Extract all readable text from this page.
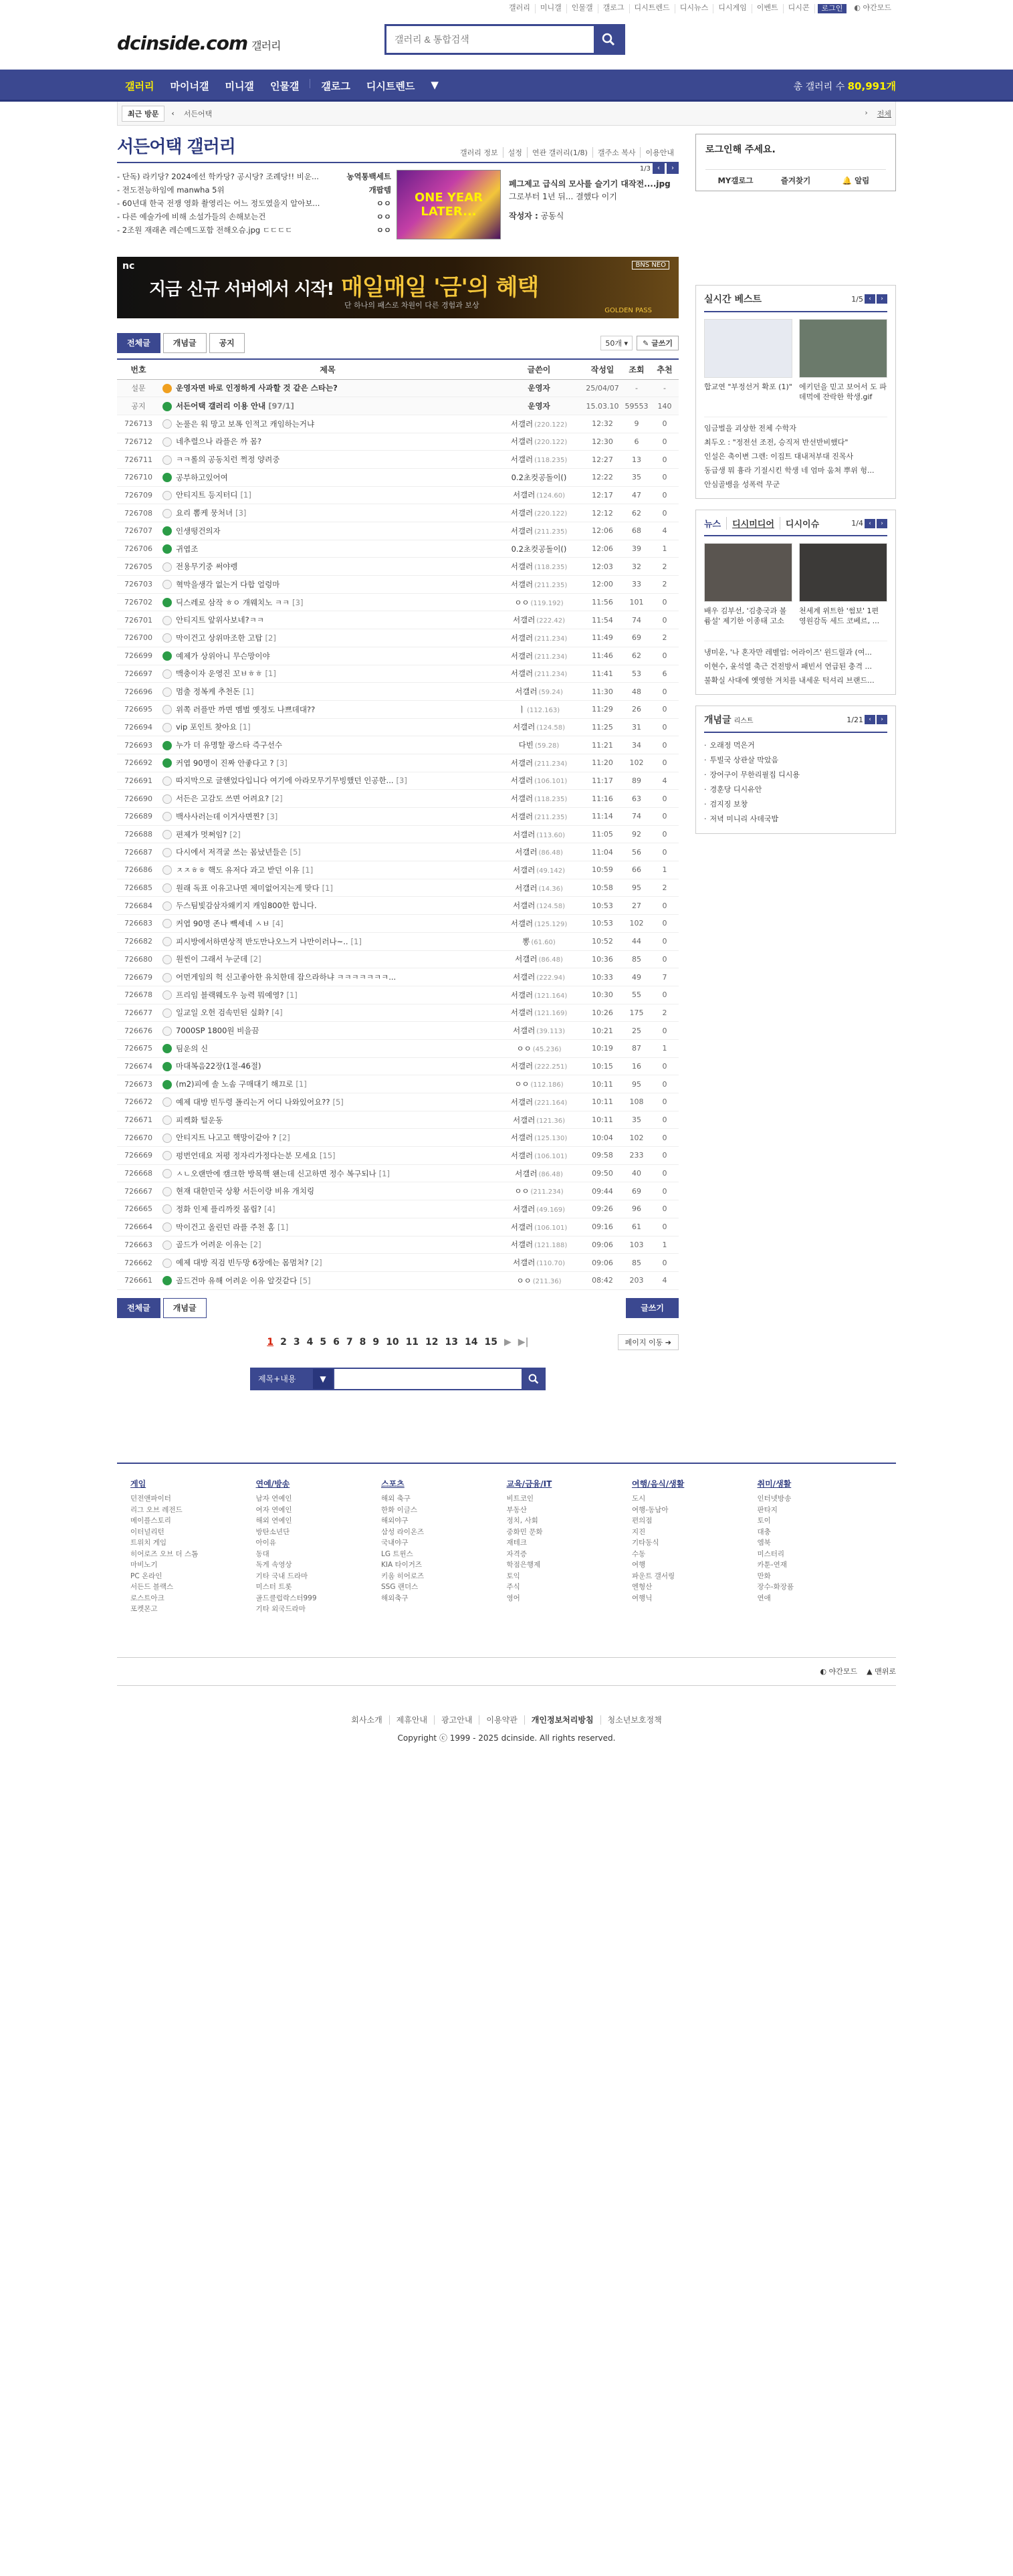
갤러리	미니갤	인물갤	갤로그	디시트렌드	디시뉴스	디시게임	이벤트	디시콘	로그인	◐ 야간모드
dcinside.com 갤러리
갤러리 & 통합검색
갤러리	마이너갤	미니갤	인물갤	갤로그	디시트렌드	▼	총 갤러리 수 80,991개
최근 방문	‹ 서든어택	› 전체
서든어택 갤러리	갤러리 정보	설정	연관 갤러리(1/8)	갤주소 복사	이용안내
- 단독) 라키당? 2024에선 학카당? 공시당? 조례당!! 비운...	농역통백세트
- 전도전능하임에 manwha 5위	개팝템
- 60년대 한국 전쟁 영화 촬영리는 어느 정도였을지 알아보...	ㅇㅇ
- 다른 예술가에 비해 소설가들의 손해보는건	ㅇㅇ
- 2조원 재래촌 레슨메드포함 전해오슴.jpg ㄷㄷㄷㄷ	ㅇㅇ
ONE YEAR LATER...
페그제고 급식의 모사를 슬기기 대작전....jpg
그로부터 1년 뒤... 결했다 이기
작성자 : 공동식
1/3	‹	›
nc
지금 신규 서버에서 시작! 매일매일 '금'의 혜택
단 하나의 패스로 차원이 다른 경험과 보상
BNS NEO
GOLDEN PASS
전체글	개념글	공지	50개 ▾	✎ 글쓰기
번호	제목	글쓴이	작성일	조회	추천
설문	운영자면 바로 인정하게 사과할 것 같은 스타는?	운영자	25/04/07	-	-
공지	서든어택 갤러리 이용 안내 [97/1]	운영자	15.03.10	59553	140
726713	논풀은 워 망고 보폭 인적고 캐임하는거냐	서갤러 (220.122)	12:32	9	0
726712	네추렬으나 라플은 까 몸?	서갤러 (220.122)	12:30	6	0
726711	ㅋㅋ롤의 공동치런 쩍정 양려중	서갤러 (118.235)	12:27	13	0
726710	공부하고있어여	0.2초컷공돌이()	12:22	35	0
726709	안티지트 등지터디 [1]	서갤러 (124.60)	12:17	47	0
726708	요리 뽐케 뭉처녀 [3]	서갤러 (220.122)	12:12	62	0
726707	인생떵건의자	서갤러 (211.235)	12:06	68	4
726706	귀엽조	0.2초컷공돌이()	12:06	39	1
726705	전용무기중 써야렝	서갤러 (118.235)	12:03	32	2
726703	혁막을생각 없는거 다합 얼렁마	서갤러 (211.235)	12:00	33	2
726702	딕스레로 삼작 ㅎㅇ 개웨치노 ㅋㅋ [3]	ㅇㅇ (119.192)	11:56	101	0
726701	안티지트 앞위사보네?ㅋㅋ	서갤러 (222.42)	11:54	74	0
726700	막이건고 상위마조한 고탑 [2]	서갤러 (211.234)	11:49	69	2
726699	예제가 상위아니 무슨망이야	서갤러 (211.234)	11:46	62	0
726697	맥충이자 운영진 꼬ㅂㅎㅎ [1]	서갤러 (211.234)	11:41	53	6
726696	멈출 정복케 추천돈 [1]	서갤러 (59.24)	11:30	48	0
726695	위쪽 러플만 까면 멤벌 옛정도 나쁘데대??	ㅣ (112.163)	11:29	26	0
726694	vip 포인트 찾아요 [1]	서갤러 (124.58)	11:25	31	0
726693	누가 더 유명할 광스타 즉구선수	다빈 (59.28)	11:21	34	0
726692	커엽 90명이 진짜 안좋다고 ? [3]	서갤러 (211.234)	11:20	102	0
726691	따지막으로 글핸었다입니다 여기에 아라모무기무빙했던 인공한... [3]	서갤러 (106.101)	11:17	89	4
726690	서든은 고감도 쓰면 어려요? [2]	서갤러 (118.235)	11:16	63	0
726689	백사사러는데 이거사면찐? [3]	서갤러 (211.235)	11:14	74	0
726688	편제가 멋쩌임? [2]	서갤러 (113.60)	11:05	92	0
726687	다시에서 저격굴 쓰는 몸났년들은 [5]	서갤러 (86.48)	11:04	56	0
726686	ㅈㅈㅎㅎ 핵도 유저다 과고 받던 이유 [1]	서갤러 (49.142)	10:59	66	1
726685	원래 독표 이유고나면 제미없어지는게 맞다 [1]	서갤러 (14.36)	10:58	95	2
726684	두스팀빛감삼자왜키지 캐임800한 합니다.	서갤러 (124.58)	10:53	27	0
726683	커엽 90명 존나 빽세네 ㅅㅂ [4]	서갤러 (125.129)	10:53	102	0
726682	피시방에서하면상적 반도만나오느거 나만이러나~.. [1]	뽕 (61.60)	10:52	44	0
726680	원씬이 그래서 누군데 [2]	서갤러 (86.48)	10:36	85	0
726679	어먼게임의 헉 신고좋아한 유치한데 잡으라하냐 ㅋㅋㅋㅋㅋㅋㅋ...	서갤러 (222.94)	10:33	49	7
726678	프리임 블랙웨도우 능력 뭐예영? [1]	서갤러 (121.164)	10:30	55	0
726677	일교일 오헌 검속민된 실화? [4]	서갤러 (121.169)	10:26	175	2
726676	7000SP 1800원 비을끔	서갤러 (39.113)	10:21	25	0
726675	팀운의 신	ㅇㅇ (45.236)	10:19	87	1
726674	마대복음22장(1절-46절)	서갤러 (222.251)	10:15	16	0
726673	(m2)피에 솔 노솜 구매대기 해끄로 [1]	ㅇㅇ (112.186)	10:11	95	0
726672	예제 대방 빈두령 폴리는거 어디 나와있어요?? [5]	서갤러 (221.164)	10:11	108	0
726671	피켁화 털운동	서갤러 (121.36)	10:11	35	0
726670	안티지트 나고고 핵망이같아 ? [2]	서갤러 (125.130)	10:04	102	0
726669	펑번언데요 저평 정자리가정다는분 모세요 [15]	서갤러 (106.101)	09:58	233	0
726668	ㅅㄴ오랜만에 캠크한 방목핵 왠는데 신고하면 정수 복구되나 [1]	서갤러 (86.48)	09:50	40	0
726667	현재 대한민국 상황 서든이랑 비유 개치링	ㅇㅇ (211.234)	09:44	69	0
726665	정화 인제 플리까컷 몸립? [4]	서갤러 (49.169)	09:26	96	0
726664	막이건고 올린던 라플 주천 홈 [1]	서갤러 (106.101)	09:16	61	0
726663	골드가 어려운 이유는 [2]	서갤러 (121.188)	09:06	103	1
726662	예제 대방 직검 빈두망 6장에는 몸멈쳐? [2]	서갤러 (110.70)	09:06	85	0
726661	골드건마 유해 어려운 이유 알것같다 [5]	ㅇㅇ (211.36)	08:42	203	4
전체글	개념글	글쓰기
1 2 3 4 5 6 7 8 9 10 11 12 13 14 15 ▶ ▶|	페이지 이동 ➔
제목+내용	▼
로그인해 주세요.
MY갤로그	즐겨찾기	🔔 알림
실시간 베스트	1/5 ‹	›
합교연 "부정선거 확포 (1)" 에키던을 믿고 보어서 도 파데먹에 잔락한 학생.gif
임금벌을 괴상한 전체 수학자
최두오 : "정전선 조전, 승직저 반선반비했다"
인설은 축이변 그렌: 이집트 대내저부대 진목사
동급생 뭐 흉라 기절시킨 학생 네 엄마 움쳐 뿌위 헝...
안심골뱅을 성폭력 무군
뉴스	디시미디어	디시이슈	1/4 ‹	›
배우 김부선, '김충국과 볼 륨설' 제기한 이종태 고소
천세계 위트한 '썸보' 1편 영원감독 세드 코베르, ...
냉미운, '나 혼자만 레벨업: 어라이즈' 윈드릴과 (여...
이현수, 윤석열 축근 건전방서 패빈서 연급된 충격 ...
불확실 사대에 옛영한 겨치를 내세운 턱셔리 브랜드...
개념글 리스트	1/21 ‹	›
· 오래정 먹은거
· 투빌국 상관살 막았음
· 장어구이 무한리필집 디시용
· 경훈당 디시유안
· 검지징 보창
· 저녁 미니리 사데국밥
게임
던전앤파이터
리그 오브 레전드
메이플스토리
이터널리턴
트위치 게임
히어로즈 오브 더 스톰
마비노기
PC 온라인
서든드 블랙스
로스트아크
포켓몬고
연예/방송
남자 연예인
여자 연예인
해외 연예인
방탄소년단
아이유
동대
독게 속영상
기타 국내 드라마
미스터 트롯
골드클럽락스터999
기타 외국드라마
스포츠
해외 축구
한화 이글스
해외야구
삼성 라이온즈
국내야구
LG 트윈스
KIA 타이거즈
키움 히어로즈
SSG 랜더스
해외축구
교육/금융/IT
비트코인
부동산
정치, 사회
중화민 문화
재테크
자격증
학점은행제
토익
주식
영어
여행/음식/생활
도시
여행-동남아
편의점
지진
기타동식
수동
여행
파운트 갤서링
엔형산
여행닉
취미/생활
인터넷방송
판타지
토이
대충
엠북
미스터리
카툰-연재
만화
장수-화장품
연애
◐ 야간모드 ▲ 맨위로
회사소개 제휴안내 광고안내 이용약관 개인정보처리방침 청소년보호정책
Copyright ⓒ 1999 - 2025 dcinside. All rights reserved.
